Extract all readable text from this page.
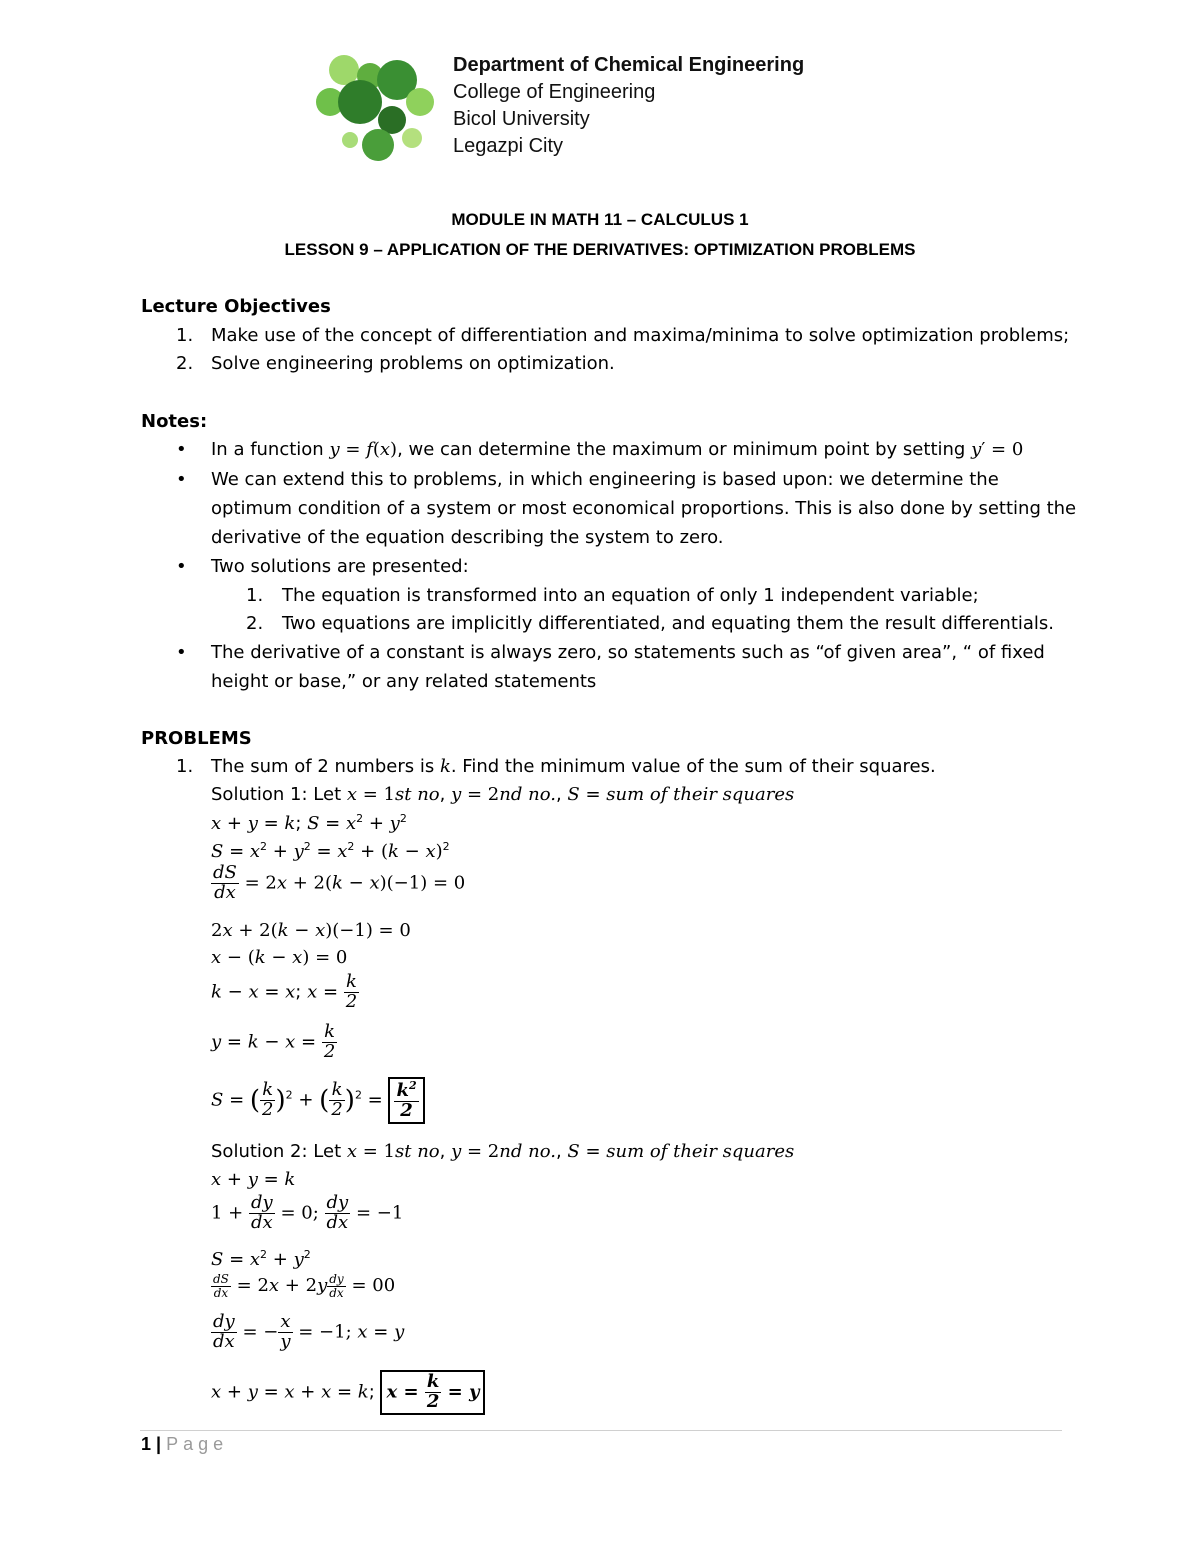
Department of Chemical Engineering
College of Engineering
Bicol University
Legazpi City
MODULE IN MATH 11 – CALCULUS 1
LESSON 9 – APPLICATION OF THE DERIVATIVES: OPTIMIZATION PROBLEMS
Lecture Objectives
1. Make use of the concept of differentiation and maxima/minima to solve optimization problems;
2. Solve engineering problems on optimization.
Notes:
• In a function y = f(x), we can determine the maximum or minimum point by setting y′ = 0
• We can extend this to problems, in which engineering is based upon: we determine the
optimum condition of a system or most economical proportions. This is also done by setting the
derivative of the equation describing the system to zero.
• Two solutions are presented:
1. The equation is transformed into an equation of only 1 independent variable;
2. Two equations are implicitly differentiated, and equating them the result differentials.
• The derivative of a constant is always zero, so statements such as “of given area”, “ of fixed
height or base,” or any related statements
PROBLEMS
1. The sum of 2 numbers is k. Find the minimum value of the sum of their squares.
Solution 1: Let x = 1st no, y = 2nd no., S = sum of their squares
x + y = k; $S = x^2 + y^2$
$S = x^2 + y^2 = x^2 + (k - x)^2$
$\frac{dS}{dx} = 2x + 2(k - x)(-1) = 0$
2x + 2(k − x)(−1) = 0
x − (k − x) = 0
k − x = x; $x = \frac{k}{2}$
$y = k - x = \frac{k}{2}$
S = ( $\frac{k}{2} )^2$ + ( $\frac{k}{2} )^2 = \frac{k^2}{2}$
Solution 2: Let x = 1st no, y = 2nd no., S = sum of their squares
x + y = k
$1 + \frac{dy}{dx} = 0$; $\frac{dy}{dx} = -1$
$S = x^2 + y^2$
$\frac{dS}{dx} = 2x + 2y \frac{dy}{dx} = 00$
$\frac{dy}{dx}$ = − $\frac{x}{y} = -1$; x = y
x + y = x + x = k; $x = \frac{k}{2} = y$
1 | Page
